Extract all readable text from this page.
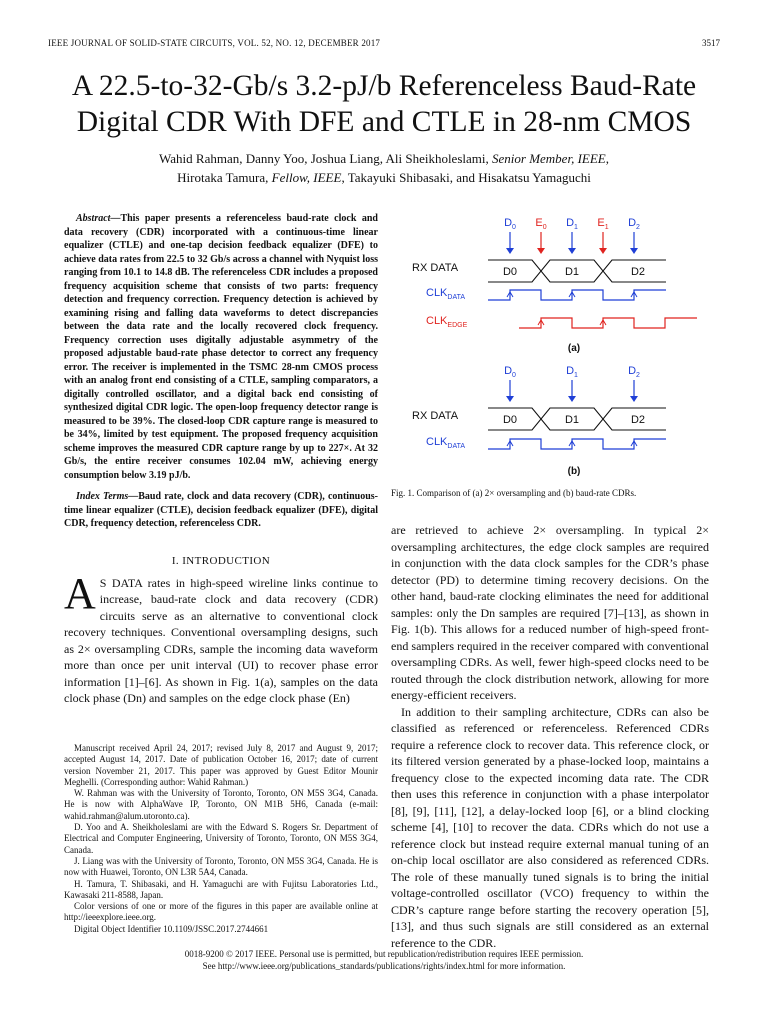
IEEE JOURNAL OF SOLID-STATE CIRCUITS, VOL. 52, NO. 12, DECEMBER 2017	3517
A 22.5-to-32-Gb/s 3.2-pJ/b Referenceless Baud-Rate
Digital CDR With DFE and CTLE in 28-nm CMOS
Wahid Rahman, Danny Yoo, Joshua Liang, Ali Sheikholeslami, Senior Member, IEEE,
Hirotaka Tamura, Fellow, IEEE, Takayuki Shibasaki, and Hisakatsu Yamaguchi

Abstract—This paper presents a referenceless baud-rate clock and data recovery (CDR) incorporated with a continuous-time linear equalizer (CTLE) and one-tap decision feedback equalizer (DFE) to achieve data rates from 22.5 to 32 Gb/s across a channel with Nyquist loss ranging from 10.1 to 14.8 dB. The referenceless CDR includes a proposed frequency acquisition scheme that consists of two parts: frequency detection and frequency correction. Frequency detection is achieved by examining rising and falling data waveforms to detect discrepancies between the data rate and the locally recovered clock frequency. Frequency correction uses digitally adjustable asymmetry of the proposed adjustable baud-rate phase detector to correct any frequency error. The receiver is implemented in the TSMC 28-nm CMOS process with an analog front end consisting of a CTLE, sampling comparators, a digitally controlled oscillator, and a digital back end consisting of synthesized digital CDR logic. The open-loop frequency detector range is measured to be 39%. The closed-loop CDR capture range is measured to be 34%, limited by test equipment. The proposed frequency acquisition scheme improves the measured CDR capture range by up to 227×. At 32 Gb/s, the entire receiver consumes 102.04 mW, achieving energy consumption below 3.19 pJ/b.

Index Terms—Baud rate, clock and data recovery (CDR), continuous-time linear equalizer (CTLE), decision feedback equalizer (DFE), digital CDR, frequency detection, referenceless CDR.

I. INTRODUCTION

A S DATA rates in high-speed wireline links continue to increase, baud-rate clock and data recovery (CDR) circuits serve as an alternative to conventional clock recovery techniques. Conventional oversampling designs, such as 2× oversampling CDRs, sample the incoming data waveform more than once per unit interval (UI) to recover phase error information [1]–[6]. As shown in Fig. 1(a), samples on the data clock phase (Dn) and samples on the edge clock phase (En)

Manuscript received April 24, 2017; revised July 8, 2017 and August 9, 2017; accepted August 14, 2017. Date of publication October 16, 2017; date of current version November 21, 2017. This paper was approved by Guest Editor Mounir Meghelli. (Corresponding author: Wahid Rahman.)

W. Rahman was with the University of Toronto, Toronto, ON M5S 3G4, Canada. He is now with AlphaWave IP, Toronto, ON M1B 5H6, Canada (e-mail: wahid.rahman@alum.utoronto.ca).

D. Yoo and A. Sheikholeslami are with the Edward S. Rogers Sr. Department of Electrical and Computer Engineering, University of Toronto, Toronto, ON M5S 3G4, Canada.

J. Liang was with the University of Toronto, Toronto, ON M5S 3G4, Canada. He is now with Huawei, Toronto, ON L3R 5A4, Canada.

H. Tamura, T. Shibasaki, and H. Yamaguchi are with Fujitsu Laboratories Ltd., Kawasaki 211-8588, Japan.

Color versions of one or more of the figures in this paper are available online at http://ieeexplore.ieee.org.

Digital Object Identifier 10.1109/JSSC.2017.2744661

$D_0$ $E_0$ $D_1$ $E_1$ $D_2$
RX DATA	D0	D1	D2
$CLK_{DATA}$
$CLK_{EDGE}$
(a)
$D_0$	$D_1$	$D_2$
RX DATA	D0	D1	D2
$CLK_{DATA}$
(b)
Fig. 1. Comparison of (a) 2× oversampling and (b) baud-rate CDRs.

are retrieved to achieve 2× oversampling. In typical 2× oversampling architectures, the edge clock samples are required in conjunction with the data clock samples for the CDR’s phase detector (PD) to determine timing recovery decisions. On the other hand, baud-rate clocking eliminates the need for additional samples: only the Dn samples are required [7]–[13], as shown in Fig. 1(b). This allows for a reduced number of high-speed front-end samplers required in the receiver compared with conventional oversampling CDRs. As well, fewer high-speed clocks need to be routed through the clock distribution network, allowing for more energy-efficient receivers.

In addition to their sampling architecture, CDRs can also be classified as referenced or referenceless. Referenced CDRs require a reference clock to recover data. This reference clock, or its filtered version generated by a phase-locked loop, maintains a frequency close to the expected incoming data rate. The CDR then uses this reference in conjunction with a phase interpolator [8], [9], [11], [12], a delay-locked loop [6], or a blind clocking scheme [4], [10] to recover the data. CDRs which do not use a reference clock but instead require external manual tuning of an on-chip local oscillator are also considered as referenced CDRs. The role of these manually tuned signals is to bring the initial voltage-controlled oscillator (VCO) frequency to within the CDR’s capture range before starting the recovery operation [5], [13], and thus such signals are still considered as an external reference to the CDR.

0018-9200 © 2017 IEEE. Personal use is permitted, but republication/redistribution requires IEEE permission.
See http://www.ieee.org/publications_standards/publications/rights/index.html for more information.
